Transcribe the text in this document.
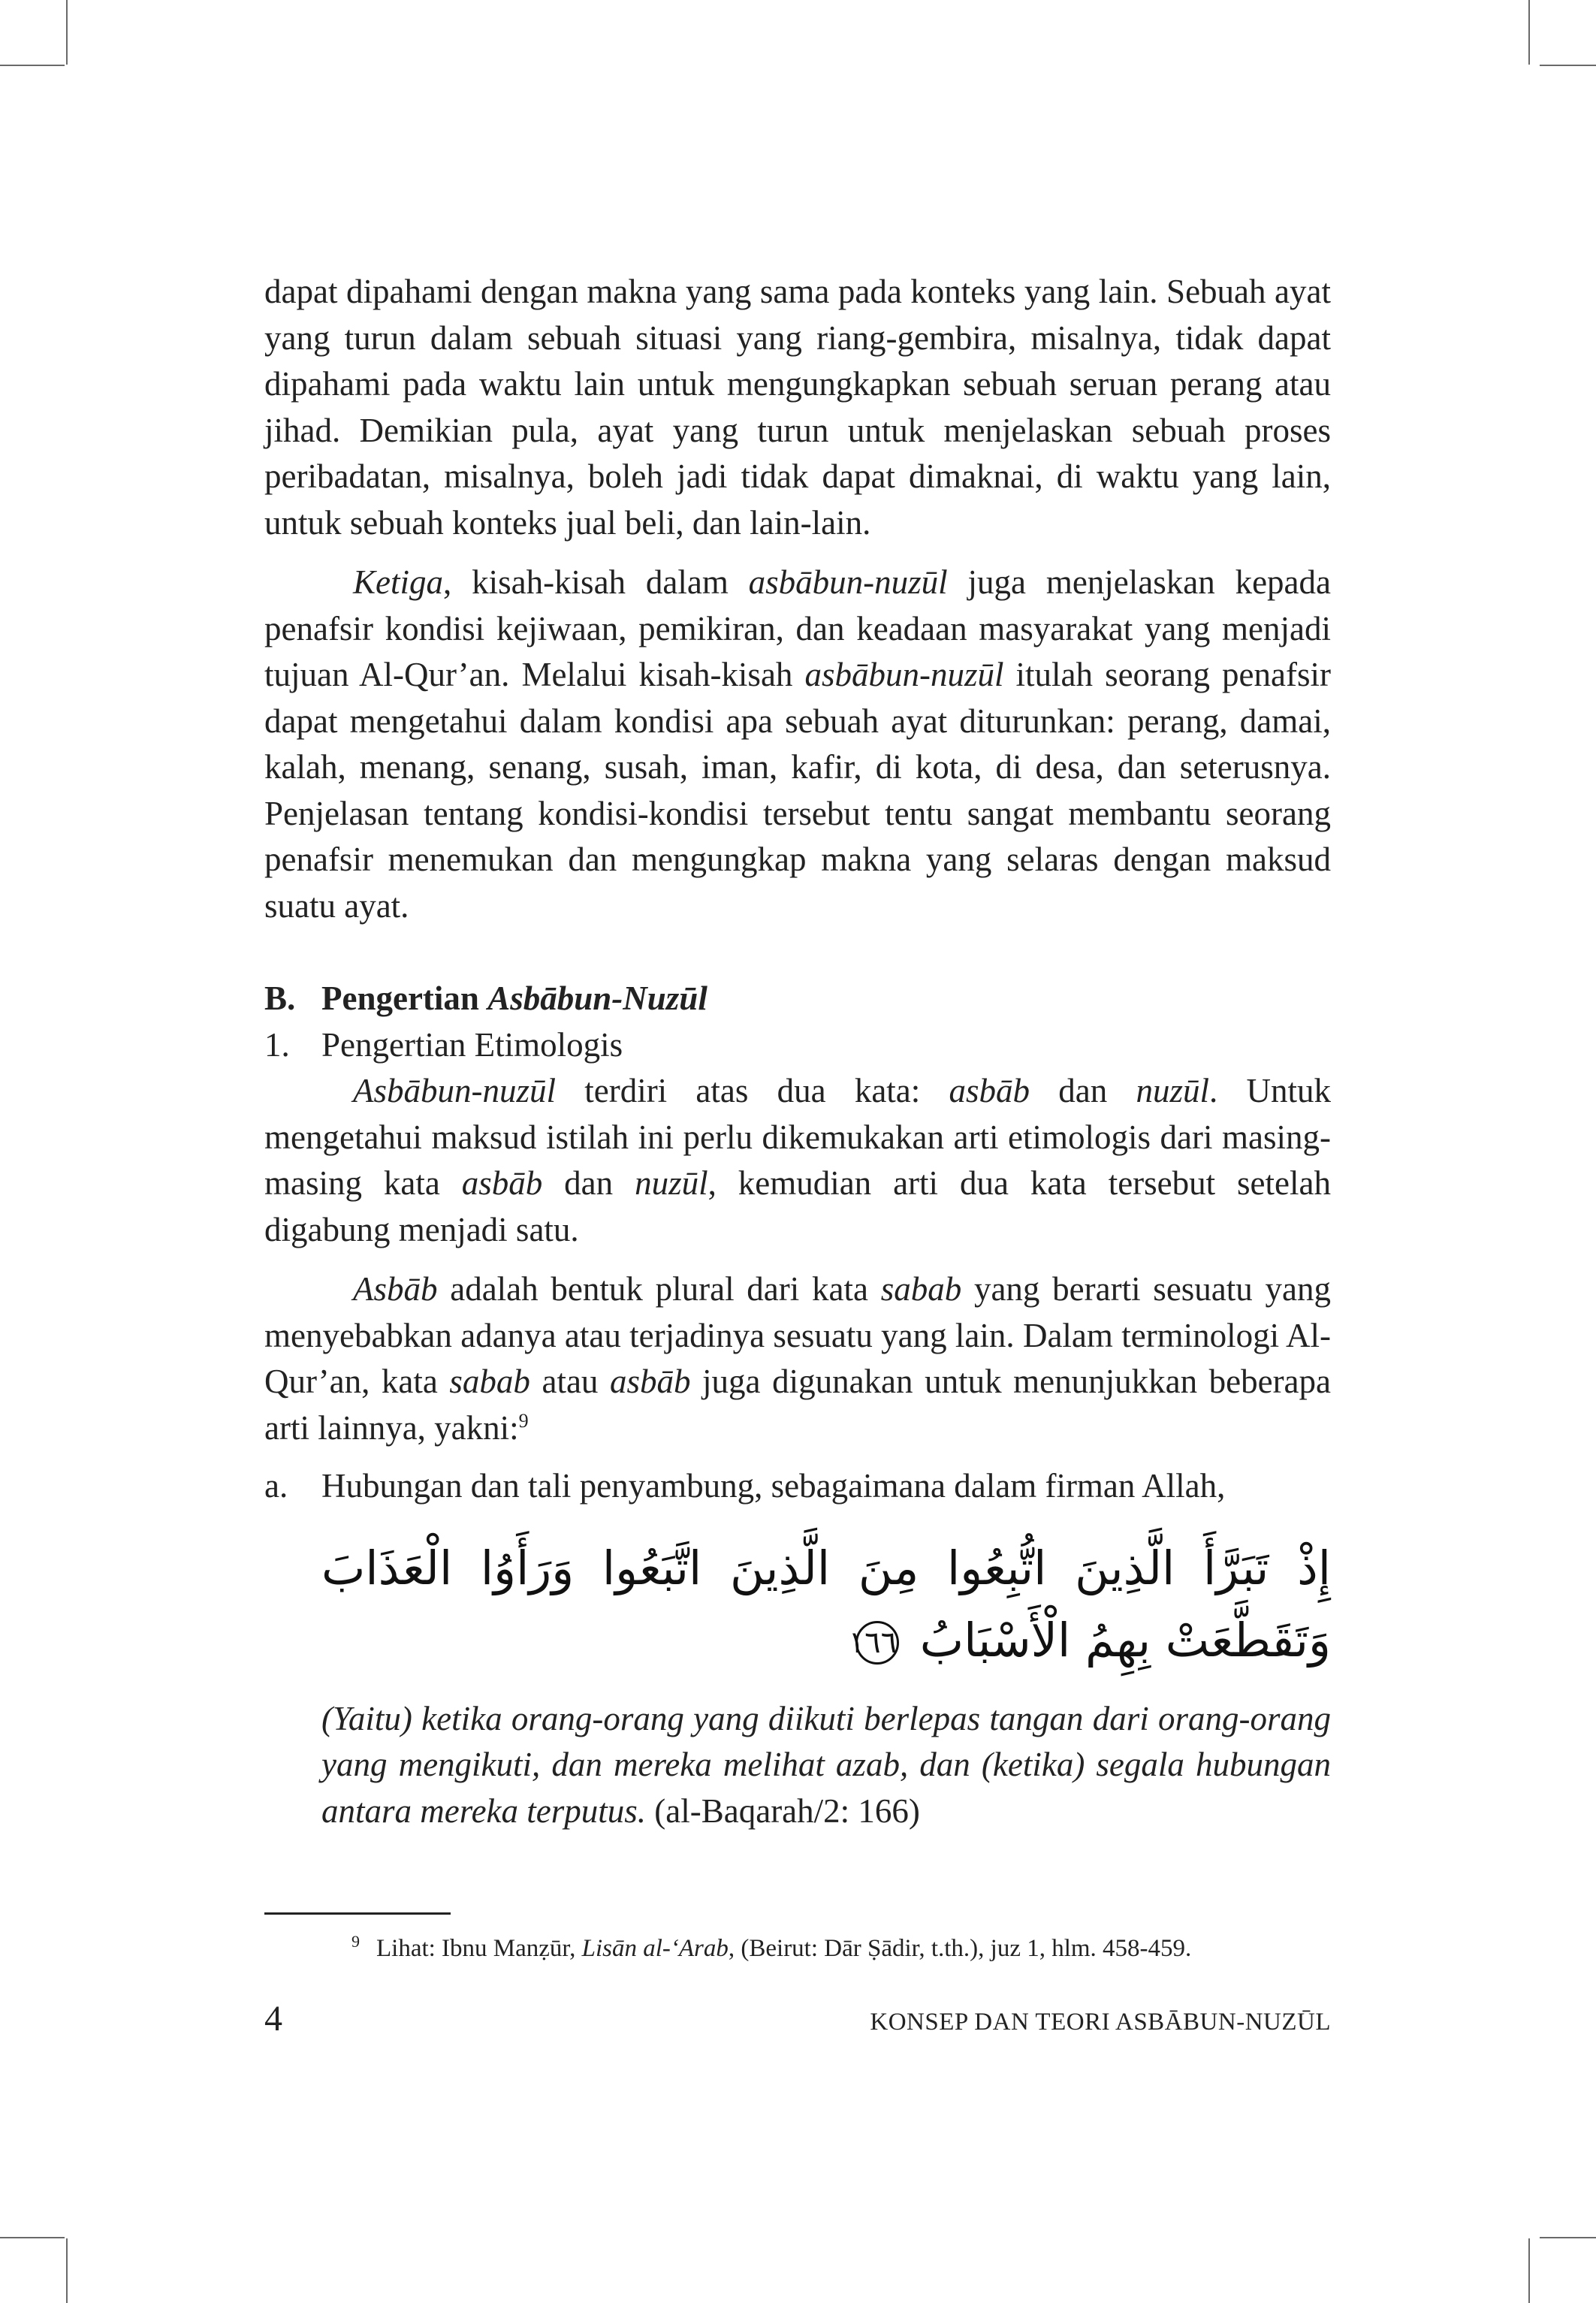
dapat dipahami dengan makna yang sama pada konteks yang lain. Sebuah ayat yang turun dalam sebuah situasi yang riang-gembira, misalnya, tidak dapat dipahami pada waktu lain untuk mengungkapkan sebuah seruan perang atau jihad. Demikian pula, ayat yang turun untuk menjelaskan sebuah proses peribadatan, misalnya, boleh jadi tidak dapat dimaknai, di waktu yang lain, untuk sebuah konteks jual beli, dan lain-lain.

Ketiga, kisah-kisah dalam asbābun-nuzūl juga menjelaskan kepada penafsir kondisi kejiwaan, pemikiran, dan keadaan masyarakat yang menjadi tujuan Al-Qur’an. Melalui kisah-kisah asbābun-nuzūl itulah seorang penafsir dapat mengetahui dalam kondisi apa sebuah ayat diturunkan: perang, damai, kalah, menang, senang, susah, iman, kafir, di kota, di desa, dan seterusnya. Penjelasan tentang kondisi-kondisi tersebut tentu sangat membantu seorang penafsir menemukan dan mengungkap makna yang selaras dengan maksud suatu ayat.

B. Pengertian Asbābun-Nuzūl
1. Pengertian Etimologis

Asbābun-nuzūl terdiri atas dua kata: asbāb dan nuzūl. Untuk mengetahui maksud istilah ini perlu dikemukakan arti etimologis dari masing-masing kata asbāb dan nuzūl, kemudian arti dua kata tersebut setelah digabung menjadi satu.

Asbāb adalah bentuk plural dari kata sabab yang berarti sesuatu yang menyebabkan adanya atau terjadinya sesuatu yang lain. Dalam terminologi Al-Qur’an, kata sabab atau asbāb juga digunakan untuk menunjukkan beberapa arti lainnya, yakni:$^9$

a. Hubungan dan tali penyambung, sebagaimana dalam firman Allah,
إِذْ تَبَرَّأَ الَّذِينَ اتُّبِعُوا مِنَ الَّذِينَ اتَّبَعُوا وَرَأَوُا الْعَذَابَ وَتَقَطَّعَتْ بِهِمُ الْأَسْبَابُ ١٦٦
(Yaitu) ketika orang-orang yang diikuti berlepas tangan dari orang-orang yang mengikuti, dan mereka melihat azab, dan (ketika) segala hubungan antara mereka terputus. (al-Baqarah/2: 166)
$^9$ Lihat: Ibnu Manẓūr, Lisān al-‘Arab, (Beirut: Dār Ṣādir, t.th.), juz 1, hlm. 458-459.
4	KONSEP DAN TEORI ASBĀBUN-NUZŪL
